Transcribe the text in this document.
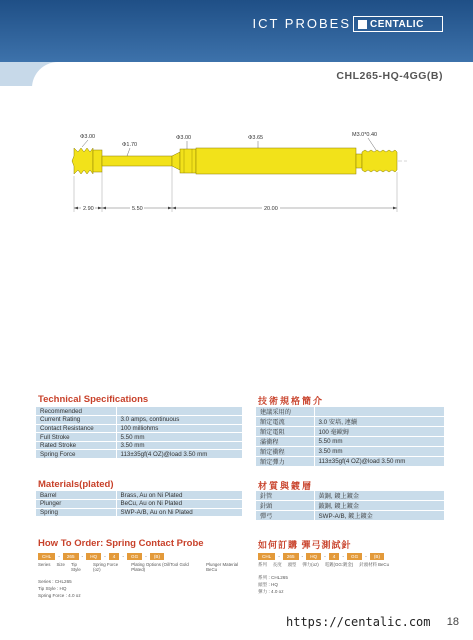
ICT PROBES CENTALIC
CHL265-HQ-4GG(B)
Φ3.00
Φ1.70
Φ3.00	Φ3.65	M3.0*0.40
2.90	5.50	20.00
Technical Specifications	技術規格簡介
Recommended	
Current Rating	3.0 amps, continuous
Contact Resistance	100 milliohms
Full Stroke	5.50 mm
Rated Stroke	3.50 mm
Spring Force	113±35gf(4 OZ)@load 3.50 mm
建議采用的	
額定電流	3.0 安培, 連續
額定電阻	100 毫歐姆
滿衝程	5.50 mm
額定衝程	3.50 mm
額定彈力	113±35gf(4 OZ)@load 3.50 mm
Materials(plated)	材質與鍍層
Barrel	Brass, Au on Ni Plated
Plunger	BeCu, Au on Ni Plated
Spring	SWP-A/B, Au on Ni Plated
針管	黃銅, 鍍上鍍金
針頭	鈹銅, 鍍上鍍金
彈弓	SWP-A/B, 鍍上鍍金
How To Order: Spring Contact Probe	如何訂購 彈弓測試針
CHL	-	265	-	HQ	-	4	-	GG	-	(B)
Series Size Tip Style
Spring Force (oz)
Plating Options (Oil/Tool Gold Plated)
Plunger Material BeCu
Series : CHL265
Tip Style : HQ
Spring Force : 4.0 oz
CHL	-	265	-	HQ	-	4	-	GG	-	(B)
系列 長度 頭型 彈力(oz) 電鍍(GG:鍍金) 針頭材料 BeCu
系列 : CHL265
頭型 : HQ
彈力 : 4.0 oz
https://centalic.com 18
